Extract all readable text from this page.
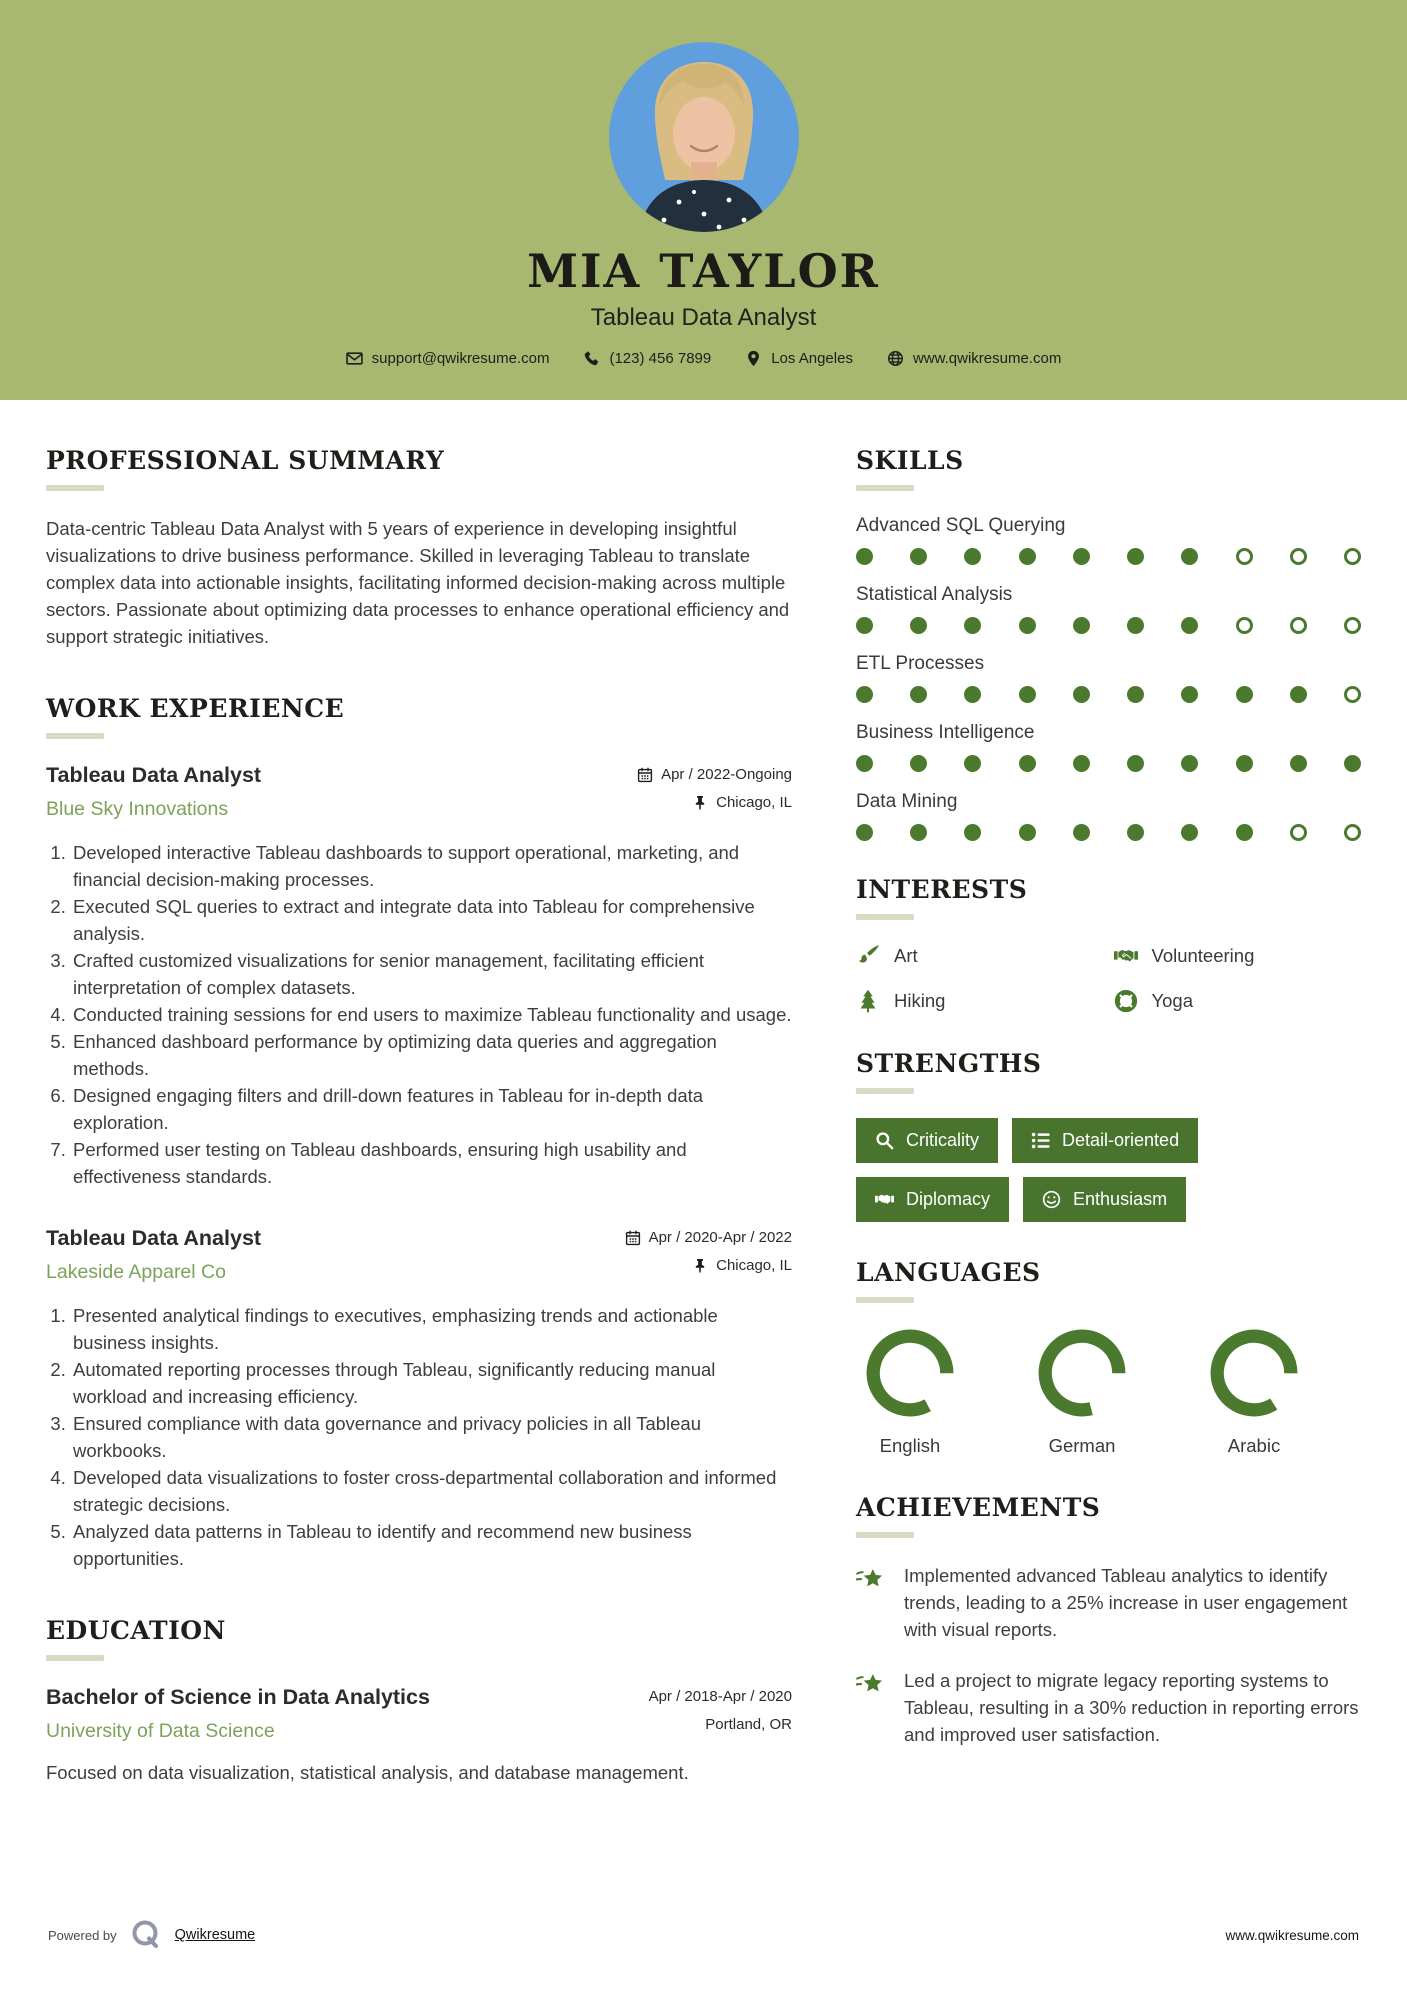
MIA TAYLOR
Tableau Data Analyst
support@qwikresume.com	(123) 456 7899	Los Angeles	www.qwikresume.com
PROFESSIONAL SUMMARY

Data-centric Tableau Data Analyst with 5 years of experience in developing insightful visualizations to drive business performance. Skilled in leveraging Tableau to translate complex data into actionable insights, facilitating informed decision-making across multiple sectors. Passionate about optimizing data processes to enhance operational efficiency and support strategic initiatives.

WORK EXPERIENCE
Tableau Data Analyst
Blue Sky Innovations
Apr / 2022-Ongoing
Chicago, IL
1. Developed interactive Tableau dashboards to support operational, marketing, and financial decision-making processes.
2. Executed SQL queries to extract and integrate data into Tableau for comprehensive analysis.
3. Crafted customized visualizations for senior management, facilitating efficient interpretation of complex datasets.
4. Conducted training sessions for end users to maximize Tableau functionality and usage.
5. Enhanced dashboard performance by optimizing data queries and aggregation methods.
6. Designed engaging filters and drill-down features in Tableau for in-depth data exploration.
7. Performed user testing on Tableau dashboards, ensuring high usability and effectiveness standards.
Tableau Data Analyst
Lakeside Apparel Co
Apr / 2020-Apr / 2022
Chicago, IL
1. Presented analytical findings to executives, emphasizing trends and actionable business insights.
2. Automated reporting processes through Tableau, significantly reducing manual workload and increasing efficiency.
3. Ensured compliance with data governance and privacy policies in all Tableau workbooks.
4. Developed data visualizations to foster cross-departmental collaboration and informed strategic decisions.
5. Analyzed data patterns in Tableau to identify and recommend new business opportunities.
EDUCATION
Bachelor of Science in Data Analytics
University of Data Science
Apr / 2018-Apr / 2020
Portland, OR

Focused on data visualization, statistical analysis, and database management.

SKILLS
Advanced SQL Querying
Statistical Analysis
ETL Processes
Business Intelligence
Data Mining
INTERESTS
Art	Volunteering
Hiking	Yoga
STRENGTHS
Criticality	Detail-oriented
Diplomacy	Enthusiasm
LANGUAGES
English	German	Arabic
ACHIEVEMENTS
Implemented advanced Tableau analytics to identify trends, leading to a 25% increase in user engagement with visual reports.
Led a project to migrate legacy reporting systems to Tableau, resulting in a 30% reduction in reporting errors and improved user satisfaction.
Powered by	Qwikresume	www.qwikresume.com
